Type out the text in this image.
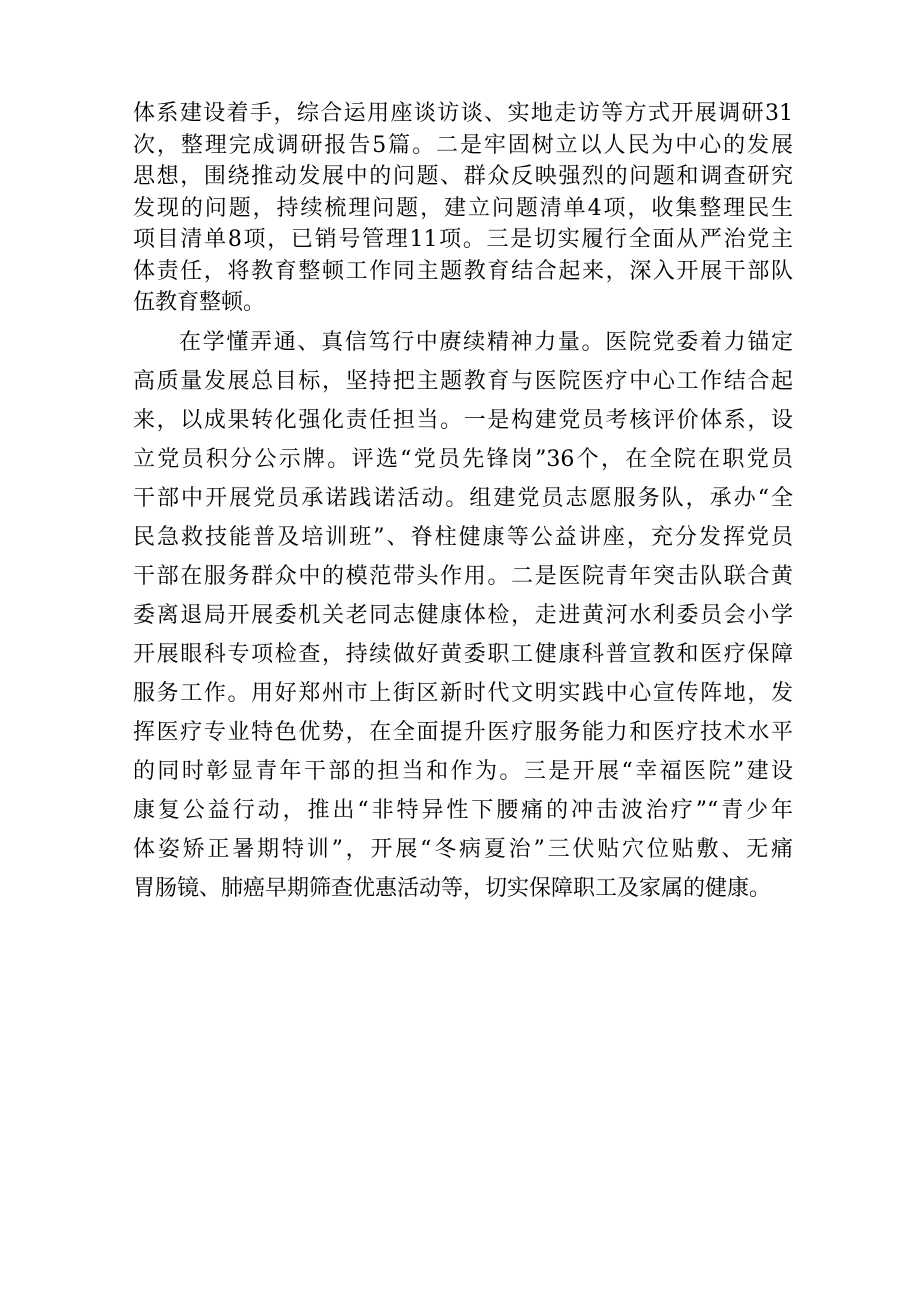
体系建设着手，综合运用座谈访谈、实地走访等方式开展调研31
次，整理完成调研报告5篇。二是牢固树立以人民为中心的发展
思想，围绕推动发展中的问题、群众反映强烈的问题和调查研究
发现的问题，持续梳理问题，建立问题清单4项，收集整理民生
项目清单8项，已销号管理11项。三是切实履行全面从严治党主
体责任，将教育整顿工作同主题教育结合起来，深入开展干部队
伍教育整顿。
在学懂弄通、真信笃行中赓续精神力量。医院党委着力锚定
高质量发展总目标，坚持把主题教育与医院医疗中心工作结合起
来，以成果转化强化责任担当。一是构建党员考核评价体系，设
立党员积分公示牌。评选“党员先锋岗”36个，在全院在职党员
干部中开展党员承诺践诺活动。组建党员志愿服务队，承办“全
民急救技能普及培训班”、脊柱健康等公益讲座，充分发挥党员
干部在服务群众中的模范带头作用。二是医院青年突击队联合黄
委离退局开展委机关老同志健康体检，走进黄河水利委员会小学
开展眼科专项检查，持续做好黄委职工健康科普宣教和医疗保障
服务工作。用好郑州市上街区新时代文明实践中心宣传阵地，发
挥医疗专业特色优势，在全面提升医疗服务能力和医疗技术水平
的同时彰显青年干部的担当和作为。三是开展“幸福医院”建设
康复公益行动，推出“非特异性下腰痛的冲击波治疗”“青少年
体姿矫正暑期特训”，开展“冬病夏治”三伏贴穴位贴敷、无痛
胃肠镜、肺癌早期筛查优惠活动等，切实保障职工及家属的健康。
